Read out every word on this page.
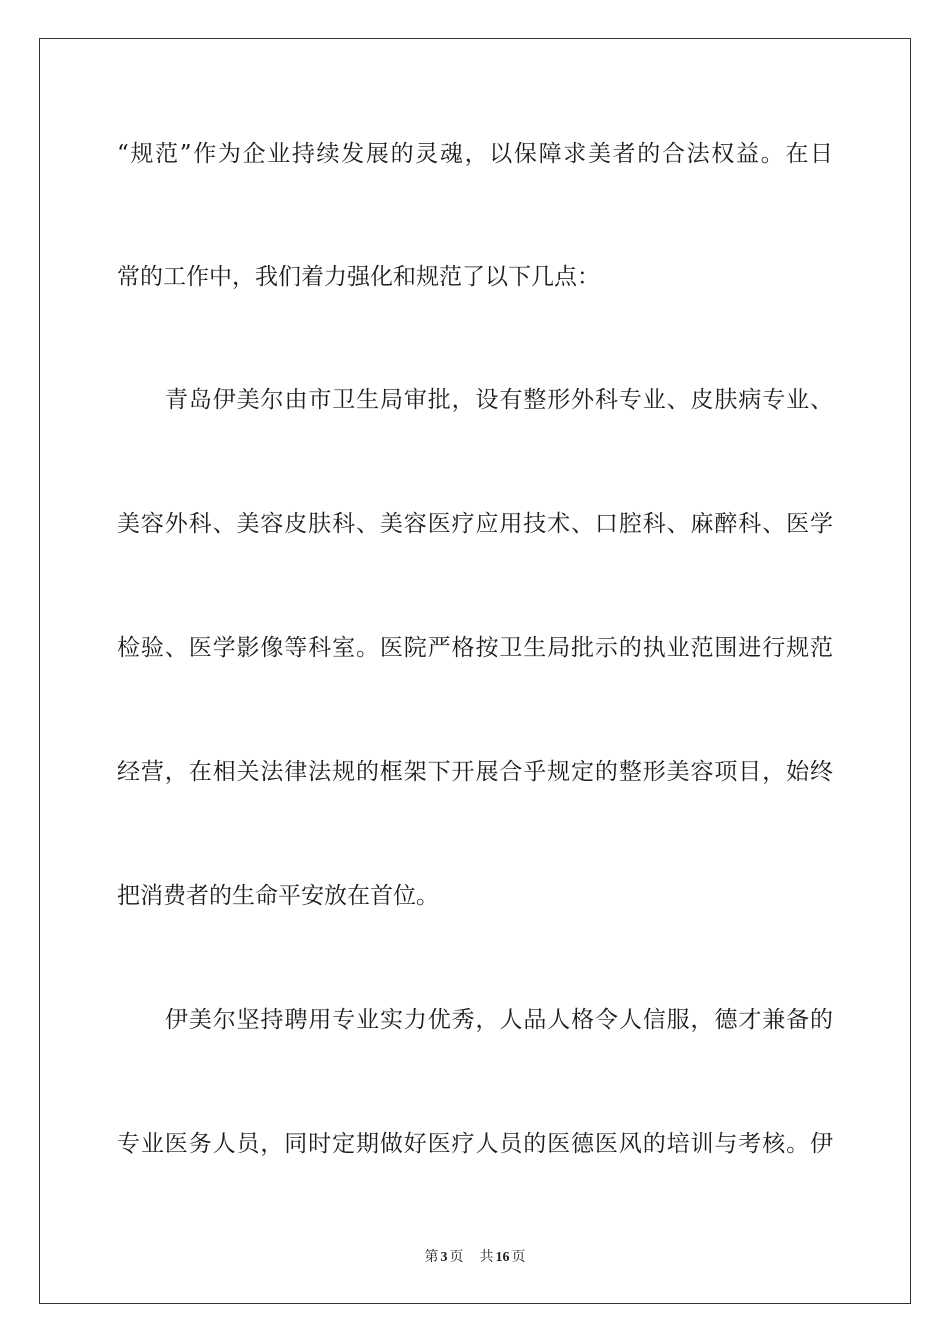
“规范”作为企业持续发展的灵魂，以保障求美者的合法权益。在日

常的工作中，我们着力强化和规范了以下几点：

青岛伊美尔由市卫生局审批，设有整形外科专业、皮肤病专业、

美容外科、美容皮肤科、美容医疗应用技术、口腔科、麻醉科、医学

检验、医学影像等科室。医院严格按卫生局批示的执业范围进行规范

经营，在相关法律法规的框架下开展合乎规定的整形美容项目，始终

把消费者的生命平安放在首位。

伊美尔坚持聘用专业实力优秀，人品人格令人信服，德才兼备的

专业医务人员，同时定期做好医疗人员的医德医风的培训与考核。伊

第 3 页 共 16 页
